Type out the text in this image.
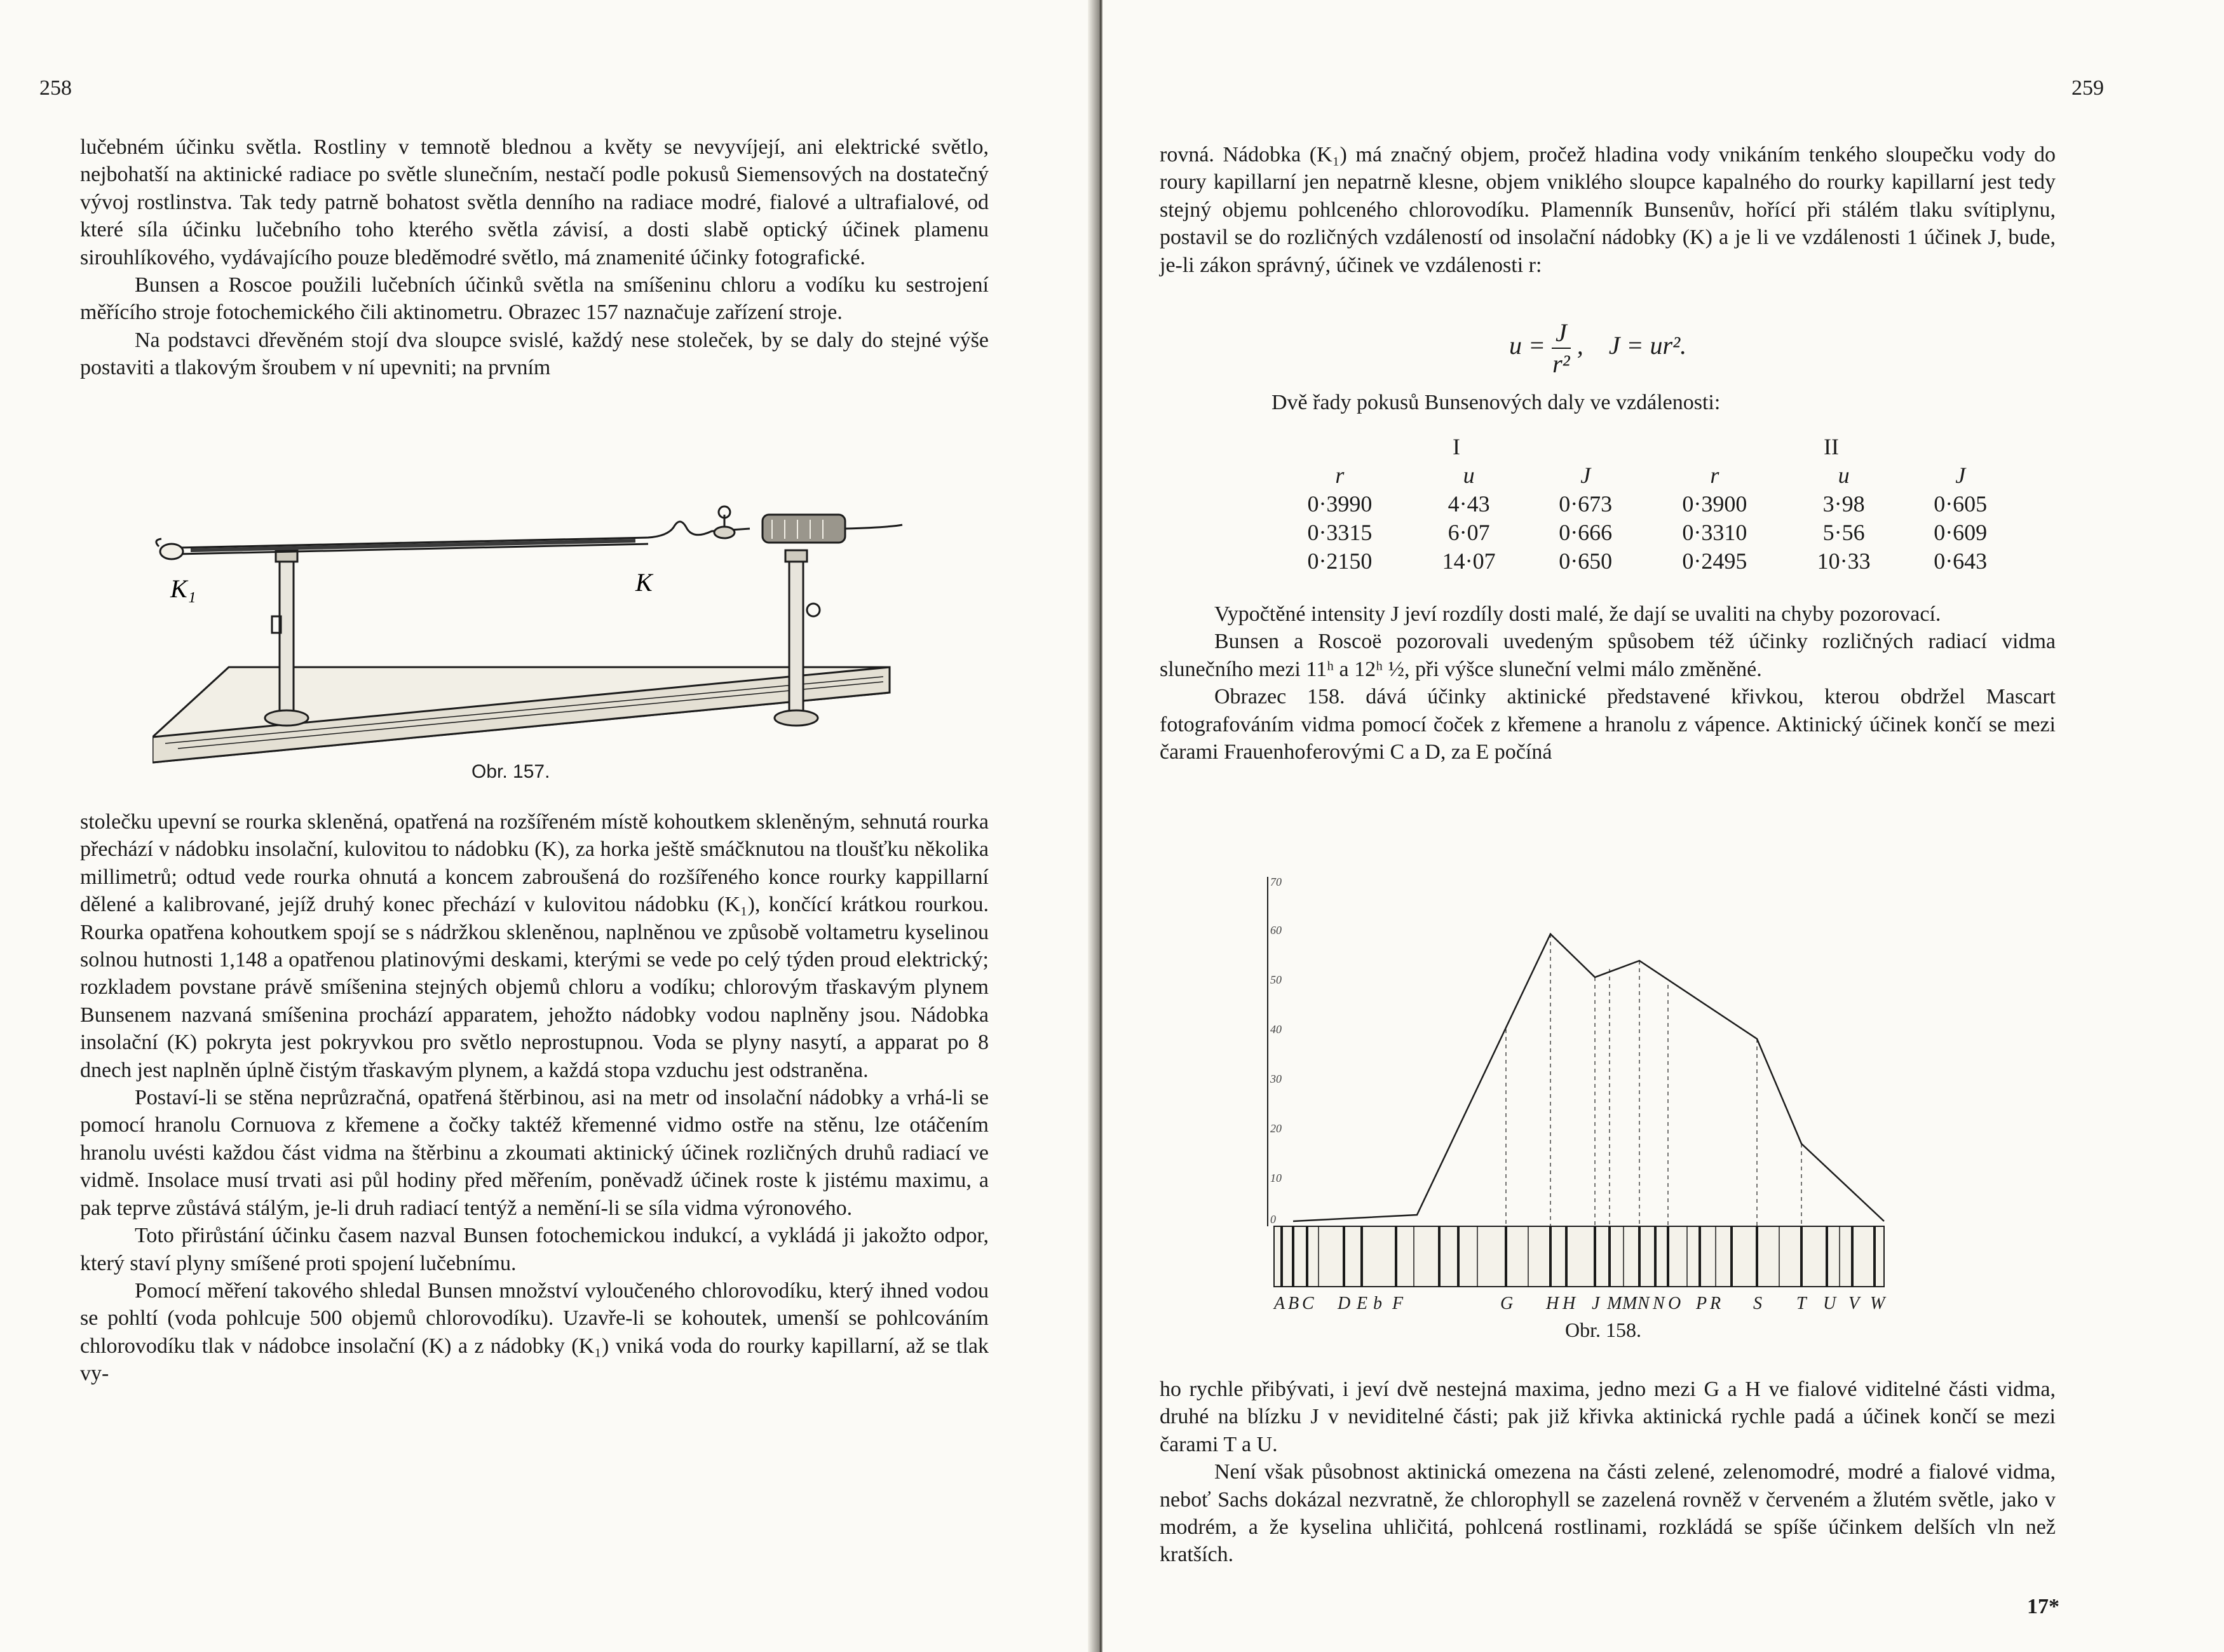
258

lučebném účinku světla. Rostliny v temnotě blednou a květy se nevyvíjejí, ani elektrické světlo, nejbohatší na aktinické radiace po světle slunečním, nestačí podle pokusů Siemensových na dostatečný vývoj rostlinstva. Tak tedy patrně bohatost světla denního na radiace modré, fialové a ultrafialové, od které síla účinku lučebního toho kterého světla závisí, a dosti slabě optický účinek plamenu sirouhlíkového, vydávajícího pouze bleděmodré světlo, má znamenité účinky fotografické.

Bunsen a Roscoe použili lučebních účinků světla na smíšeninu chloru a vodíku ku sestrojení měřícího stroje fotochemického čili aktinometru. Obrazec 157 naznačuje zařízení stroje.

Na podstavci dřevěném stojí dva sloupce svislé, každý nese stoleček, by se daly do stejné výše postaviti a tlakovým šroubem v ní upevniti; na prvním

K₁	K
Obr. 157.

stolečku upevní se rourka skleněná, opatřená na rozšířeném místě kohoutkem skleněným, sehnutá rourka přechází v nádobku insolační, kulovitou to nádobku (K), za horka ještě smáčknutou na tloušťku několika millimetrů; odtud vede rourka ohnutá a koncem zabroušená do rozšířeného konce rourky kappillarní dělené a kalibrované, jejíž druhý konec přechází v kulovitou nádobku (K₁), končící krátkou rourkou. Rourka opatřena kohoutkem spojí se s nádržkou skleněnou, naplněnou ve způsobě voltametru kyselinou solnou hutnosti 1,148 a opatřenou platinovými deskami, kterými se vede po celý týden proud elektrický; rozkladem povstane právě smíšenina stejných objemů chloru a vodíku; chlorovým třaskavým plynem Bunsenem nazvaná smíšenina prochází apparatem, jehožto nádobky vodou naplněny jsou. Nádobka insolační (K) pokryta jest pokryvkou pro světlo neprostupnou. Voda se plyny nasytí, a apparat po 8 dnech jest naplněn úplně čistým třaskavým plynem, a každá stopa vzduchu jest odstraněna.

Postaví-li se stěna neprůzračná, opatřená štěrbinou, asi na metr od insolační nádobky a vrhá-li se pomocí hranolu Cornuova z křemene a čočky taktéž křemenné vidmo ostře na stěnu, lze otáčením hranolu uvésti každou část vidma na štěrbinu a zkoumati aktinický účinek rozličných druhů radiací ve vidmě. Insolace musí trvati asi půl hodiny před měřením, poněvadž účinek roste k jistému maximu, a pak teprve zůstává stálým, je-li druh radiací tentýž a nemění-li se síla vidma výronového.

Toto přirůstání účinku časem nazval Bunsen fotochemickou indukcí, a vykládá ji jakožto odpor, který staví plyny smíšené proti spojení lučebnímu.

Pomocí měření takového shledal Bunsen množství vyloučeného chlorovodíku, který ihned vodou se pohltí (voda pohlcuje 500 objemů chlorovodíku). Uzavře-li se kohoutek, umenší se pohlcováním chlorovodíku tlak v nádobce insolační (K) a z nádobky (K₁) vniká voda do rourky kapillarní, až se tlak vy-

259

rovná. Nádobka (K₁) má značný objem, pročež hladina vody vnikáním tenkého sloupečku vody do roury kapillarní jen nepatrně klesne, objem vniklého sloupce kapalného do rourky kapillarní jest tedy stejný objemu pohlceného chlorovodíku. Plamenník Bunsenův, hořící při stálém tlaku svítiplynu, postavil se do rozličných vzdáleností od insolační nádobky (K) a je li ve vzdálenosti 1 účinek J, bude, je-li zákon správný, účinek ve vzdálenosti r:

$u = \frac{J}{\text{r²}}$ , J = ur².
Dvě řady pokusů Bunsenových daly ve vzdálenosti:
I			II		
r	u	J	r	u	J
0·3990	4·43	0·673	0·3900	3·98	0·605
0·3315	6·07	0·666	0·3310	5·56	0·609
0·2150	14·07	0·650	0·2495	10·33	0·643

Vypočtěné intensity J jeví rozdíly dosti malé, že dají se uvaliti na chyby pozorovací.

Bunsen a Roscoë pozorovali uvedeným spůsobem též účinky rozličných radiací vidma slunečního mezi 11ʰ a 12ʰ ½, při výšce sluneční velmi málo změněné.

Obrazec 158. dává účinky aktinické představené křivkou, kterou obdržel Mascart fotografováním vidma pomocí čoček z křemene a hranolu z vápence. Aktinický účinek končí se mezi čarami Frauenhoferovými C a D, za E počíná

70
60
50
40
30
20
10
0
A B C D E b F	G H H J M M N N O P R S T U V W
Obr. 158.

ho rychle přibývati, i jeví dvě nestejná maxima, jedno mezi G a H ve fialové viditelné části vidma, druhé na blízku J v neviditelné části; pak již křivka aktinická rychle padá a účinek končí se mezi čarami T a U.

Není však působnost aktinická omezena na části zelené, zelenomodré, modré a fialové vidma, neboť Sachs dokázal nezvratně, že chlorophyll se zazelená rovněž v červeném a žlutém světle, jako v modrém, a že kyselina uhličitá, pohlcená rostlinami, rozkládá se spíše účinkem delších vln než kratších.

17*
